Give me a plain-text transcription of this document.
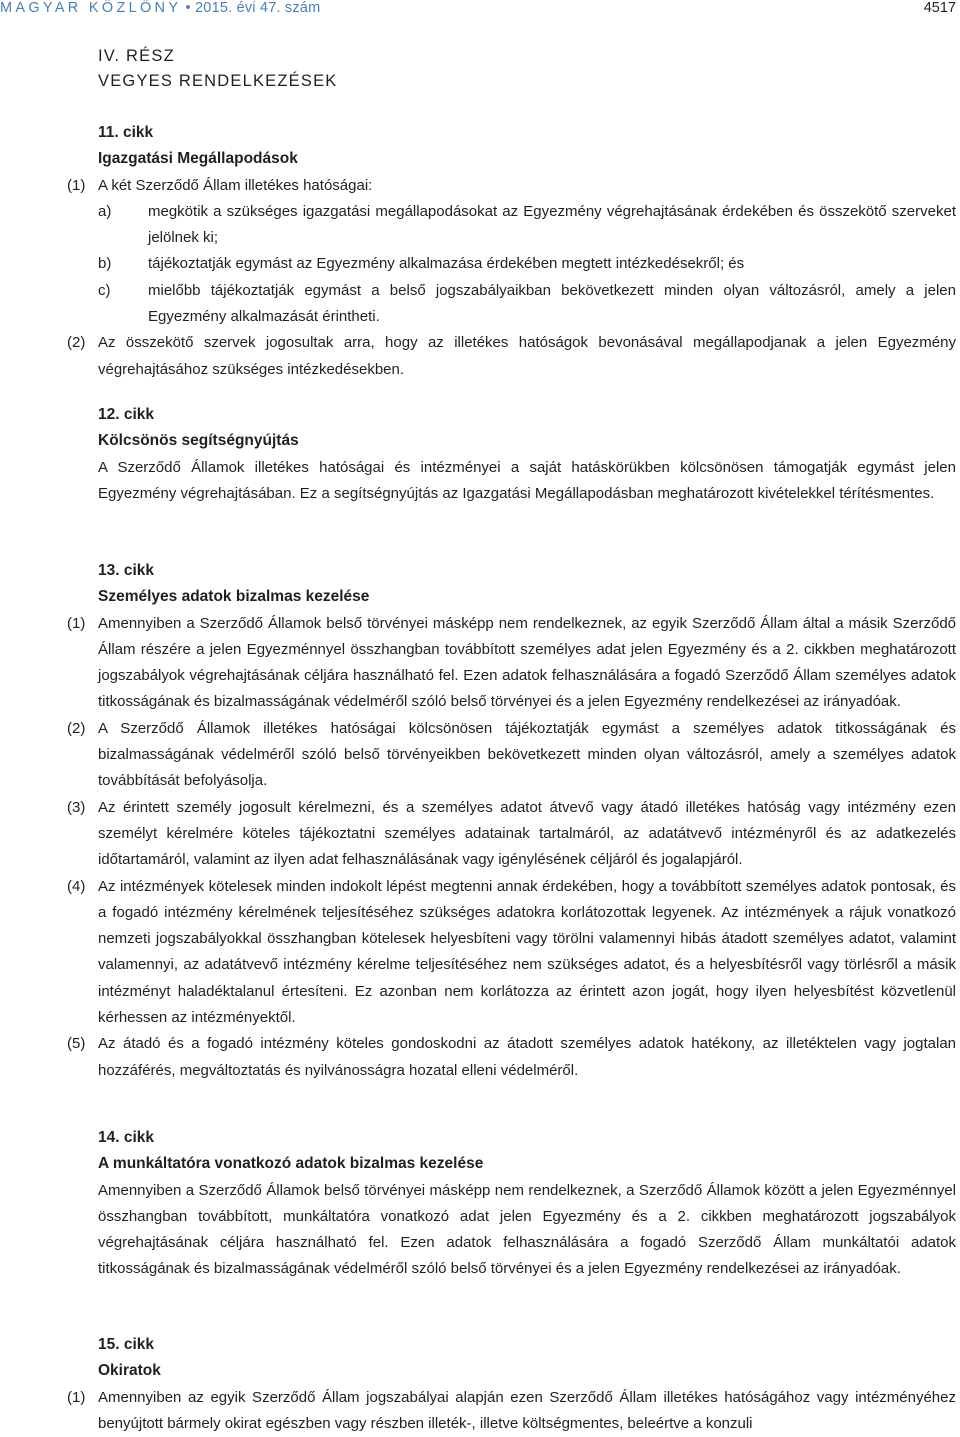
MAGYAR KÖZLÖNY • 2015. évi 47. szám	4517
IV. RÉSZ
VEGYES RENDELKEZÉSEK
11. cikk
Igazgatási Megállapodások
(1) A két Szerződő Állam illetékes hatóságai:
a) megkötik a szükséges igazgatási megállapodásokat az Egyezmény végrehajtásának érdekében és összekötő szerveket jelölnek ki;
b) tájékoztatják egymást az Egyezmény alkalmazása érdekében megtett intézkedésekről; és
c)	mielőbb tájékoztatják egymást a belső jogszabályaikban bekövetkezett minden olyan változásról, amely a jelen Egyezmény alkalmazását érintheti.
(2) Az összekötő szervek jogosultak arra, hogy az illetékes hatóságok bevonásával megállapodjanak a jelen Egyezmény végrehajtásához szükséges intézkedésekben.
12. cikk
Kölcsönös segítségnyújtás
A Szerződő Államok illetékes hatóságai és intézményei a saját hatáskörükben kölcsönösen támogatják egymást jelen Egyezmény végrehajtásában. Ez a segítségnyújtás az Igazgatási Megállapodásban meghatározott kivételekkel térítésmentes.
13. cikk
Személyes adatok bizalmas kezelése
(1) Amennyiben a Szerződő Államok belső törvényei másképp nem rendelkeznek, az egyik Szerződő Állam által a másik Szerződő Állam részére a jelen Egyezménnyel összhangban továbbított személyes adat jelen Egyezmény és a 2. cikkben meghatározott jogszabályok végrehajtásának céljára használható fel. Ezen adatok felhasználására a fogadó Szerződő Állam személyes adatok titkosságának és bizalmasságának védelméről szóló belső törvényei és a jelen Egyezmény rendelkezései az irányadóak.
(2) A Szerződő Államok illetékes hatóságai kölcsönösen tájékoztatják egymást a személyes adatok titkosságának és bizalmasságának védelméről szóló belső törvényeikben bekövetkezett minden olyan változásról, amely a személyes adatok továbbítását befolyásolja.
(3) Az érintett személy jogosult kérelmezni, és a személyes adatot átvevő vagy átadó illetékes hatóság vagy intézmény ezen személyt kérelmére köteles tájékoztatni személyes adatainak tartalmáról, az adatátvevő intézményről és az adatkezelés időtartamáról, valamint az ilyen adat felhasználásának vagy igénylésének céljáról és jogalapjáról.
(4) Az intézmények kötelesek minden indokolt lépést megtenni annak érdekében, hogy a továbbított személyes adatok pontosak, és a fogadó intézmény kérelmének teljesítéséhez szükséges adatokra korlátozottak legyenek. Az intézmények a rájuk vonatkozó nemzeti jogszabályokkal összhangban kötelesek helyesbíteni vagy törölni valamennyi hibás átadott személyes adatot, valamint valamennyi, az adatátvevő intézmény kérelme teljesítéséhez nem szükséges adatot, és a helyesbítésről vagy törlésről a másik intézményt haladéktalanul értesíteni. Ez azonban nem korlátozza az érintett azon jogát, hogy ilyen helyesbítést közvetlenül kérhessen az intézményektől.
(5) Az átadó és a fogadó intézmény köteles gondoskodni az átadott személyes adatok hatékony, az illetéktelen vagy jogtalan hozzáférés, megváltoztatás és nyilvánosságra hozatal elleni védelméről.
14. cikk
A munkáltatóra vonatkozó adatok bizalmas kezelése
Amennyiben a Szerződő Államok belső törvényei másképp nem rendelkeznek, a Szerződő Államok között a jelen Egyezménnyel összhangban továbbított, munkáltatóra vonatkozó adat jelen Egyezmény és a 2. cikkben meghatározott jogszabályok végrehajtásának céljára használható fel. Ezen adatok felhasználására a fogadó Szerződő Állam munkáltatói adatok titkosságának és bizalmasságának védelméről szóló belső törvényei és a jelen Egyezmény rendelkezései az irányadóak.
15. cikk
Okiratok
(1) Amennyiben az egyik Szerződő Állam jogszabályai alapján ezen Szerződő Állam illetékes hatóságához vagy intézményéhez benyújtott bármely okirat egészben vagy részben illeték-, illetve költségmentes, beleértve a konzuli
